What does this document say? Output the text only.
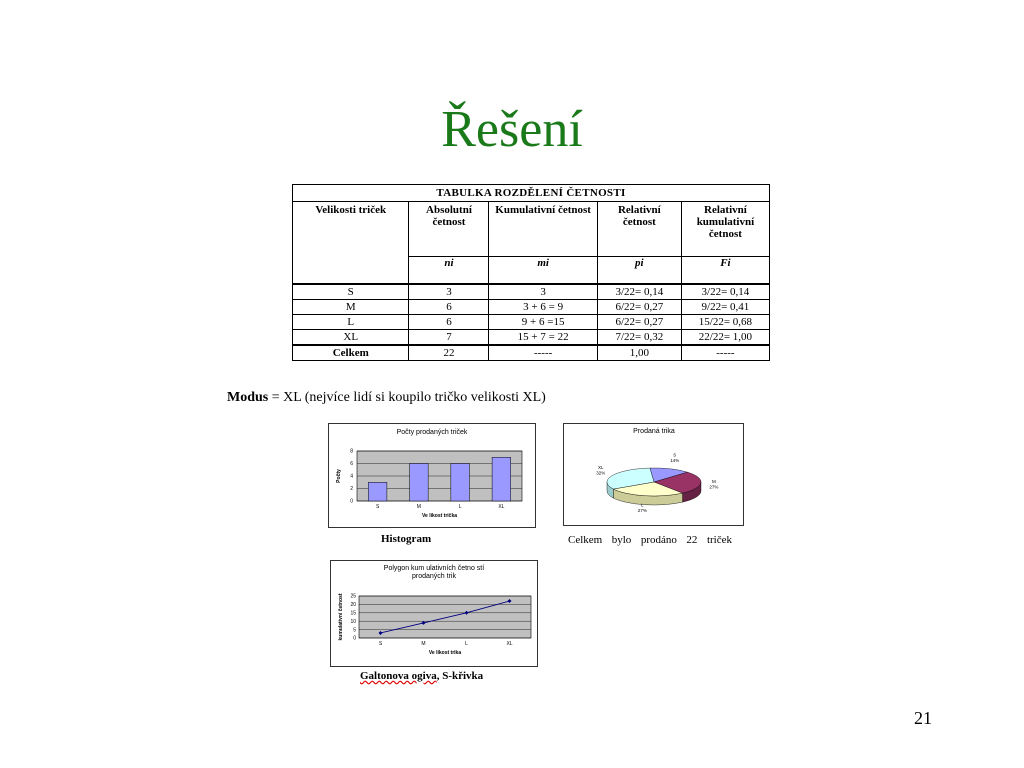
Řešení
TABULKA ROZDĚLENÍ ČETNOSTI				
Velikosti triček	Absolutní četnost	Kumulativní četnost	Relativní četnost	Relativní kumulativní četnost
	ni	mi	pi	Fi
S	3	3	3/22= 0,14	3/22= 0,14
M	6	3 + 6 = 9	6/22= 0,27	9/22= 0,41
L	6	9 + 6 =15	6/22= 0,27	15/22= 0,68
XL	7	15 + 7 = 22	7/22= 0,32	22/22= 1,00
Celkem	22	-----	1,00	-----
Modus = XL (nejvíce lidí si koupilo tričko velikosti XL)
Počty prodaných triček
0
2
4
6
8
S	M	L	XL
Ve likost trička
Počty
Histogram
Prodaná trika
S
14%
M
27%
L
27%
XL
32%
Celkem bylo prodáno 22 triček
Polygon kum ulativních četno stí
prodaných trik
0
5
10
15
20
25
S	M	L	XL
Ve likost trika
kumulativní četnost
Galtonova ogiva, S-křivka
21
